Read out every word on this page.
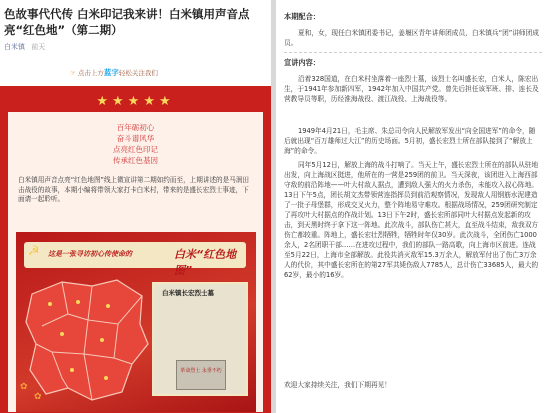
色故事代代传 白米印记我来讲！白米镇用声音点亮“红色地”（第二期）
白米镇 前天
☞ 点击上方蓝字轻松关注我们
★★★★★
百年砺初心
奋斗谱风华
点亮红色印记
传承红色基因
白米镇用声音点亮“红色地图”线上微宣讲第二期如约而至，上期讲述的是马润田击战役的故事，本期小编将带领大家打卡白米村，带来的是盛长宏烈士事迹，下面请一起聆听。
这是一张寻访初心传使命的	白米“红色地图”
☭
白米镇长宏烈士墓
革命烈士 永垂不朽
✿
✿
本期配合：
夏和，女，现任白米镇团委书记，姜堰区青年讲师团成员，白米镇兵“团”讲师团成员。
宣讲内容：
沿着328国道，在白米村坐落着一座烈士墓，该烈士名叫盛长宏，白米人，陈宏出生，于1941年参加新四军，1942年加入中国共产党。曾先后担任该军班、排、连长及营教导员等职，历经淮海战役、渡江战役、上海战役等。
1949年4月21日，毛主席、朱总司令向人民解放军发出“向全国进军”的命令，随后就出现“百万雄师过大江”的历史场面。5月初，盛长宏烈士所在部队接到了“解放上海”的命令。
同年5月12日，解放上海的战斗打响了。当天上午，盛长宏烈士所在的部队从驻地出发，向上海战区挺进，他所在的一营是259团的前卫。当天深夜，该团进入上海西部守敌的前沿阵地——叶大村敌人据点，遭到敌人强大的火力杀伤，未能攻入叔心阵地。13日下午5点，团长胡文杰带领营连指挥员到前沿观察情况，发现敌人用钢筋水泥建造了一批子母堡群，形成交叉火力，整个阵地易守难攻。根据战场情况，259团研究制定了再攻叶大村据点的作战计划。13日下午2时，盛长宏所部同叶大村据点发起新的攻击，到天黑时终于拿下这一阵地。此次战斗，部队伤亡甚大，直至战斗结束，敌我双方伤亡都较重。阵地上，盛长宏壮烈牺牲，牺牲时年仅30岁。此次战斗，全团伤亡1000余人，2名团职干部……在进攻过程中，我们的部队一路高歌，向上海市区前进。连战至5月22日，上海市全部解放。此役共消灭敌军15.3万余人，解放军付出了伤亡3万余人的代价，其中盛长宏所在的第27军共毙伤敌人7785人，总计伤亡33685人，最大的62岁，最小的16岁。
欢迎大家持续关注，我们下期再见！
